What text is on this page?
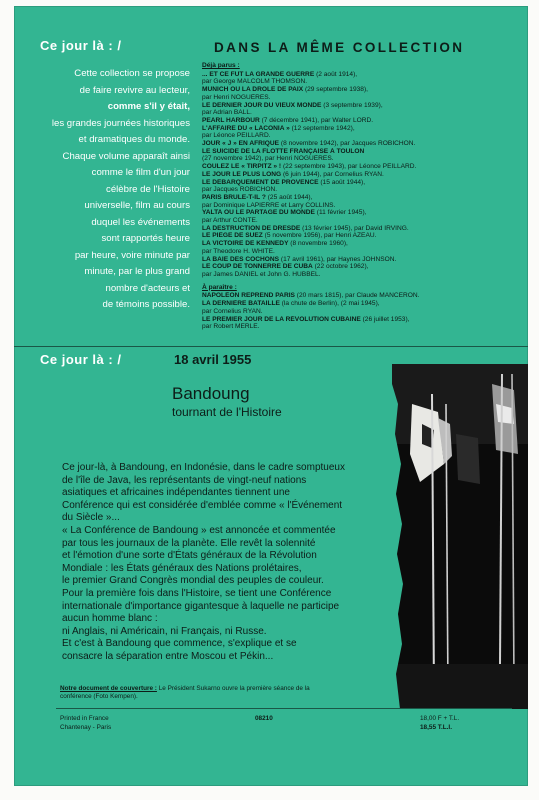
Ce jour là : /
Cette collection se propose
de faire revivre au lecteur,
comme s'il y était,
les grandes journées historiques
et dramatiques du monde.
Chaque volume apparaît ainsi
comme le film d'un jour
célèbre de l'Histoire
universelle, film au cours
duquel les événements
sont rapportés heure
par heure, voire minute par
minute, par le plus grand
nombre d'acteurs et
de témoins possible.
DANS LA MÊME COLLECTION
Déjà parus :
... ET CE FUT LA GRANDE GUERRE (2 août 1914),
par George MALCOLM THOMSON.
MUNICH OU LA DRÔLE DE PAIX (29 septembre 1938),
par Henri NOGUÈRES.
LE DERNIER JOUR DU VIEUX MONDE (3 septembre 1939),
par Adrian BALL.
PEARL HARBOUR (7 décembre 1941), par Walter LORD.
L'AFFAIRE DU « LACONIA » (12 septembre 1942),
par Léonce PEILLARD.
JOUR « J » EN AFRIQUE (8 novembre 1942), par Jacques ROBICHON.
LE SUICIDE DE LA FLOTTE FRANÇAISE À TOULON
(27 novembre 1942), par Henri NOGUÈRES.
COULEZ LE « TIRPITZ » ! (22 septembre 1943), par Léonce PEILLARD.
LE JOUR LE PLUS LONG (6 juin 1944), par Cornelius RYAN.
LE DÉBARQUEMENT DE PROVENCE (15 août 1944),
par Jacques ROBICHON.
PARIS BRÛLE-T-IL ? (25 août 1944),
par Dominique LAPIERRE et Larry COLLINS.
YALTA OU LE PARTAGE DU MONDE (11 février 1945),
par Arthur CONTE.
LA DESTRUCTION DE DRESDE (13 février 1945), par David IRVING.
LE PIÈGE DE SUEZ (5 novembre 1956), par Henri AZEAU.
LA VICTOIRE DE KENNEDY (8 novembre 1960),
par Theodore H. WHITE.
LA BAIE DES COCHONS (17 avril 1961), par Haynes JOHNSON.
LE COUP DE TONNERRE DE CUBA (22 octobre 1962),
par James DANIEL et John G. HUBBEL.
À paraître :
NAPOLÉON REPREND PARIS (20 mars 1815), par Claude MANCERON.
LA DERNIÈRE BATAILLE (la chute de Berlin), (2 mai 1945),
par Cornelius RYAN.
LE PREMIER JOUR DE LA RÉVOLUTION CUBAINE (26 juillet 1953),
par Robert MERLE.
Ce jour là : /	18 avril 1955
Bandoung
tournant de l'Histoire
Ce jour-là, à Bandoung, en Indonésie, dans le cadre somptueux
de l'île de Java, les représentants de vingt-neuf nations
asiatiques et africaines indépendantes tiennent une
Conférence qui est considérée d'emblée comme « l'Événement
du Siècle »...
« La Conférence de Bandoung » est annoncée et commentée
par tous les journaux de la planète. Elle revêt la solennité
et l'émotion d'une sorte d'États généraux de la Révolution
Mondiale : les États généraux des Nations prolétaires,
le premier Grand Congrès mondial des peuples de couleur.
Pour la première fois dans l'Histoire, se tient une Conférence
internationale d'importance gigantesque à laquelle ne participe
aucun homme blanc :
ni Anglais, ni Américain, ni Français, ni Russe.
Et c'est à Bandoung que commence, s'explique et se
consacre la séparation entre Moscou et Pékin...
Notre document de couverture : Le Président Sukarno ouvre la première séance de la
conférence (Foto Kempen).
Printed in France
Chantenay - Paris
08210	18,00 F + T.L.
18,55 T.L.I.
